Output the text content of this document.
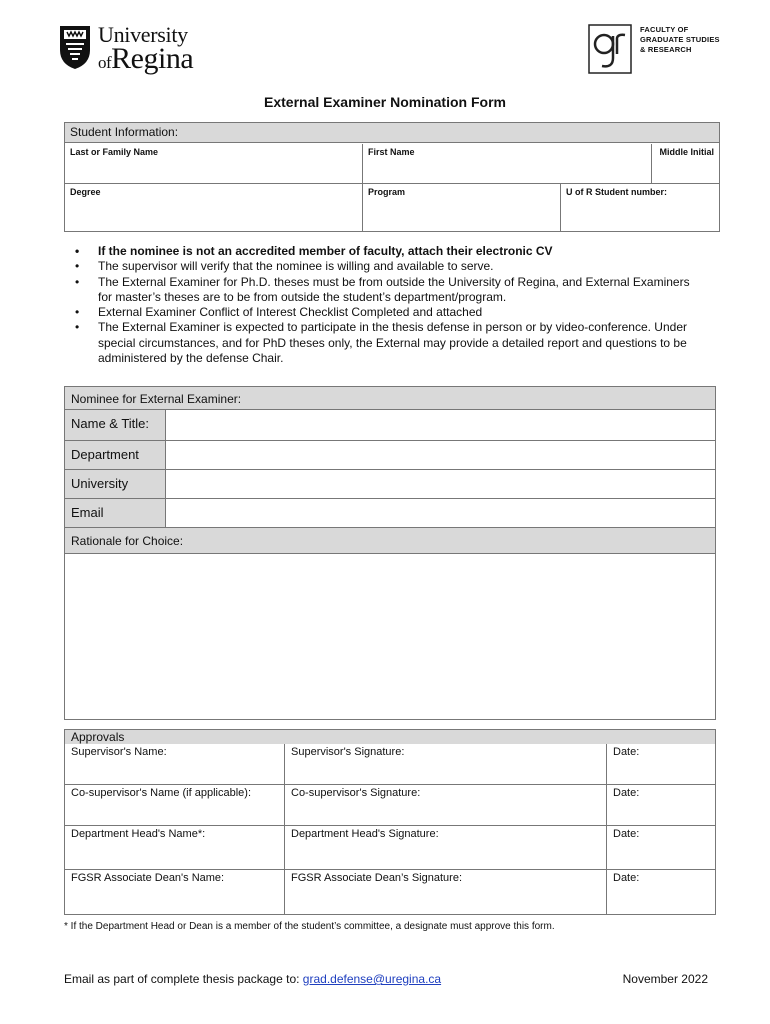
University
ofRegina
FACULTY OF
GRADUATE STUDIES
& RESEARCH
External Examiner Nomination Form
Student Information:
Last or Family Name	First Name	Middle Initial
Degree	Program	U of R Student number:
• If the nominee is not an accredited member of faculty, attach their electronic CV
• The supervisor will verify that the nominee is willing and available to serve.
• The External Examiner for Ph.D. theses must be from outside the University of Regina, and External Examiners for master’s theses are to be from outside the student’s department/program.
• External Examiner Conflict of Interest Checklist Completed and attached
• The External Examiner is expected to participate in the thesis defense in person or by video-conference. Under special circumstances, and for PhD theses only, the External may provide a detailed report and questions to be administered by the defense Chair.
Nominee for External Examiner:
Name & Title:
Department
University
Email
Rationale for Choice:
Approvals
Supervisor's Name:	Supervisor's Signature:	Date:
Co-supervisor's Name (if applicable):	Co-supervisor's Signature:	Date:
Department Head's Name*:	Department Head's Signature:	Date:
FGSR Associate Dean's Name:	FGSR Associate Dean’s Signature:	Date:
* If the Department Head or Dean is a member of the student’s committee, a designate must approve this form.
Email as part of complete thesis package to: grad.defense@uregina.ca	November 2022
